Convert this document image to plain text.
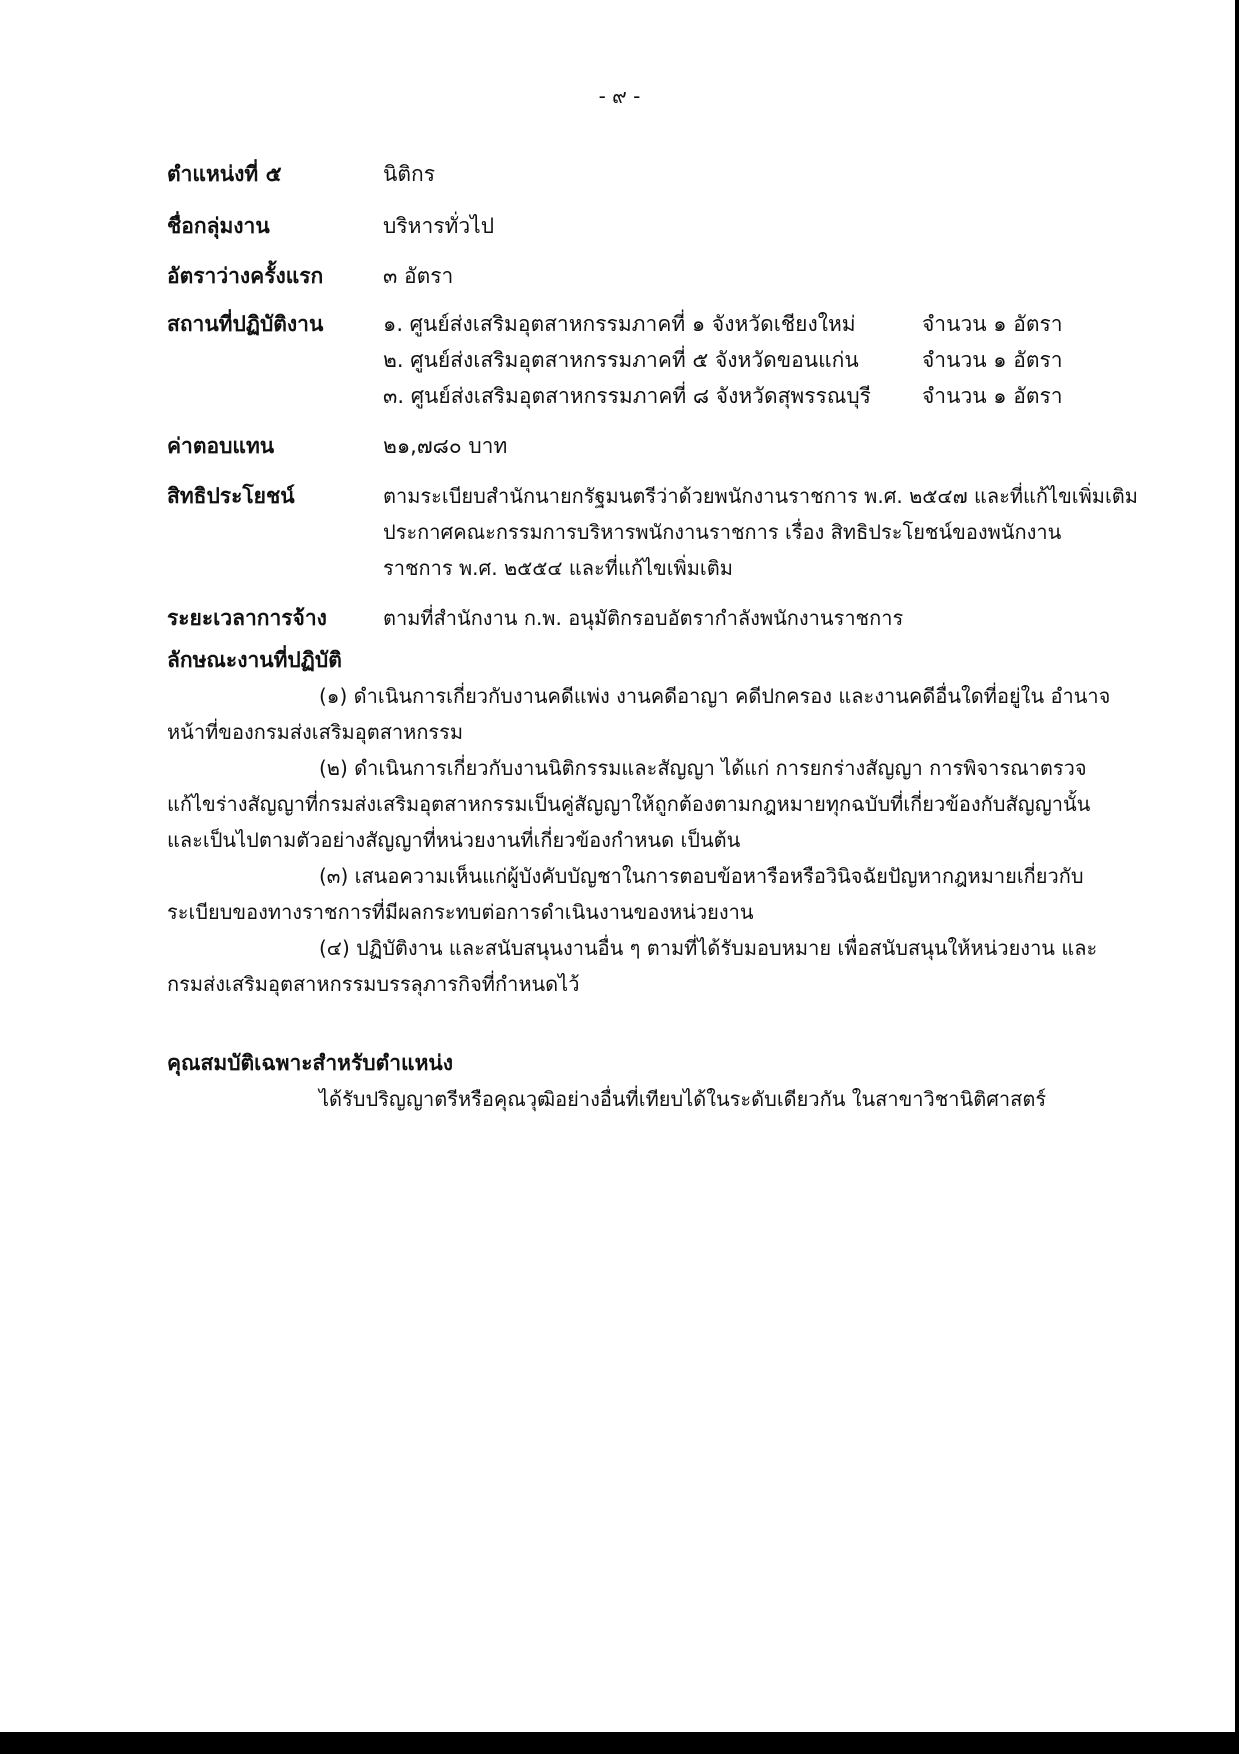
- ๙ -
ตำแหน่งที่ ๕	นิติกร
ชื่อกลุ่มงาน	บริหารทั่วไป
อัตราว่างครั้งแรก	๓ อัตรา
สถานที่ปฏิบัติงาน	๑. ศูนย์ส่งเสริมอุตสาหกรรมภาคที่ ๑ จังหวัดเชียงใหม่	จำนวน ๑ อัตรา
๒. ศูนย์ส่งเสริมอุตสาหกรรมภาคที่ ๕ จังหวัดขอนแก่น	จำนวน ๑ อัตรา
๓. ศูนย์ส่งเสริมอุตสาหกรรมภาคที่ ๘ จังหวัดสุพรรณบุรี จำนวน ๑ อัตรา
ค่าตอบแทน	๒๑,๗๘๐ บาท
สิทธิประโยชน์	ตามระเบียบสำนักนายกรัฐมนตรีว่าด้วยพนักงานราชการ พ.ศ. ๒๕๔๗ และที่แก้ไขเพิ่มเติม
ประกาศคณะกรรมการบริหารพนักงานราชการ เรื่อง สิทธิประโยชน์ของพนักงาน
ราชการ พ.ศ. ๒๕๕๔ และที่แก้ไขเพิ่มเติม
ระยะเวลาการจ้าง	ตามที่สำนักงาน ก.พ. อนุมัติกรอบอัตรากำลังพนักงานราชการ
ลักษณะงานที่ปฏิบัติ
(๑) ดำเนินการเกี่ยวกับงานคดีแพ่ง งานคดีอาญา คดีปกครอง และงานคดีอื่นใดที่อยู่ใน อำนาจหน้าที่ของกรมส่งเสริมอุตสาหกรรม
(๒) ดำเนินการเกี่ยวกับงานนิติกรรมและสัญญา ได้แก่ การยกร่างสัญญา การพิจารณาตรวจ แก้ไขร่างสัญญาที่กรมส่งเสริมอุตสาหกรรมเป็นคู่สัญญาให้ถูกต้องตามกฎหมายทุกฉบับที่เกี่ยวข้องกับสัญญานั้น และเป็นไปตามตัวอย่างสัญญาที่หน่วยงานที่เกี่ยวข้องกำหนด เป็นต้น
(๓) เสนอความเห็นแก่ผู้บังคับบัญชาในการตอบข้อหารือหรือวินิจฉัยปัญหากฎหมายเกี่ยวกับ ระเบียบของทางราชการที่มีผลกระทบต่อการดำเนินงานของหน่วยงาน
(๔) ปฏิบัติงาน และสนับสนุนงานอื่น ๆ ตามที่ได้รับมอบหมาย เพื่อสนับสนุนให้หน่วยงาน และกรมส่งเสริมอุตสาหกรรมบรรลุภารกิจที่กำหนดไว้
คุณสมบัติเฉพาะสำหรับตำแหน่ง
ได้รับปริญญาตรีหรือคุณวุฒิอย่างอื่นที่เทียบได้ในระดับเดียวกัน ในสาขาวิชานิติศาสตร์
